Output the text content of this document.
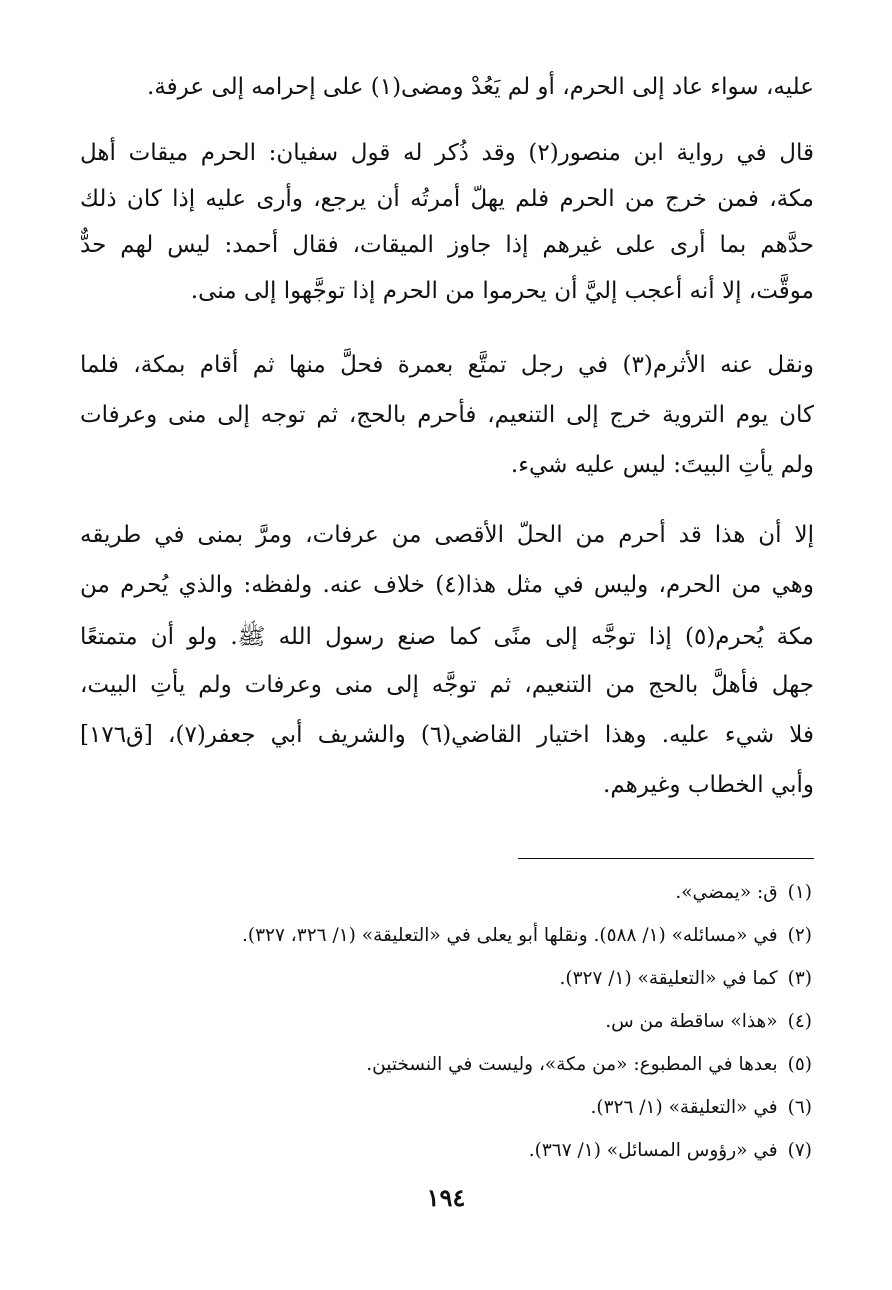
عليه، سواء عاد إلى الحرم، أو لم يَعُدْ ومضى(١) على إحرامه إلى عرفة.
قال في رواية ابن منصور(٢) وقد ذُكر له قول سفيان: الحرم ميقات أهل
مكة، فمن خرج من الحرم فلم يهلّ أمرتُه أن يرجع، وأرى عليه إذا كان ذلك
حدَّهم بما أرى على غيرهم إذا جاوز الميقات، فقال أحمد: ليس لهم حدٌّ
موقَّت، إلا أنه أعجب إليَّ أن يحرموا من الحرم إذا توجَّهوا إلى منى.
ونقل عنه الأثرم(٣) في رجل تمتَّع بعمرة فحلَّ منها ثم أقام بمكة، فلما
كان يوم التروية خرج إلى التنعيم، فأحرم بالحج، ثم توجه إلى منى وعرفات
ولم يأتِ البيتَ: ليس عليه شيء.
إلا أن هذا قد أحرم من الحلّ الأقصى من عرفات، ومرَّ بمنى في طريقه
وهي من الحرم، وليس في مثل هذا(٤) خلاف عنه. ولفظه: والذي يُحرم من
مكة يُحرم(٥) إذا توجَّه إلى منًى كما صنع رسول الله ﷺ. ولو أن متمتعًا
جهل فأهلَّ بالحج من التنعيم، ثم توجَّه إلى منى وعرفات ولم يأتِ البيت،
فلا شيء عليه. وهذا اختيار القاضي(٦) والشريف أبي جعفر(٧)، [ق١٧٦]
وأبي الخطاب وغيرهم.
(١)ق: «يمضي».
(٢)في «مسائله» (١/ ٥٨٨). ونقلها أبو يعلى في «التعليقة» (١/ ٣٢٦، ٣٢٧).
(٣)كما في «التعليقة» (١/ ٣٢٧).
(٤)«هذا» ساقطة من س.
(٥)بعدها في المطبوع: «من مكة»، وليست في النسختين.
(٦)في «التعليقة» (١/ ٣٢٦).
(٧)في «رؤوس المسائل» (١/ ٣٦٧).
١٩٤
